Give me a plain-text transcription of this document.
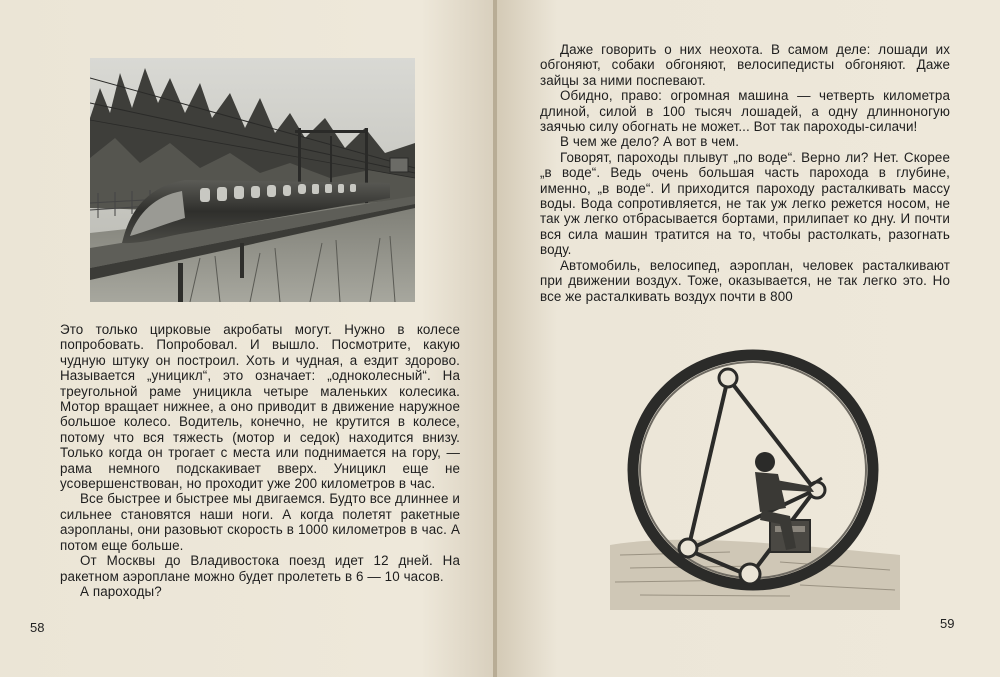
Это только цирковые акробаты могут. Нужно в колесе попробовать. Попробовал. И вышло. Посмотрите, какую чудную штуку он построил. Хоть и чудная, а ездит здорово. Называется „уницикл“, это означает: „одноколесный“. На треугольной раме уницикла четыре маленьких колесика. Мотор вращает нижнее, а оно приводит в движение наружное большое колесо. Водитель, конечно, не крутится в колесе, потому что вся тяжесть (мотор и седок) находится внизу. Только когда он трогает с места или поднимается на гору, — рама немного подскакивает вверх. Уницикл еще не усовершенствован, но проходит уже 200 километров в час.

Все быстрее и быстрее мы двигаемся. Будто все длиннее и сильнее становятся наши ноги. А когда полетят ракетные аэропланы, они разовьют скорость в 1000 километров в час. А потом еще больше.

От Москвы до Владивостока поезд идет 12 дней. На ракетном аэроплане можно будет пролететь в 6 — 10 часов.

А пароходы?

58	59

Даже говорить о них неохота. В самом деле: лошади их обгоняют, собаки обгоняют, велосипедисты обгоняют. Даже зайцы за ними поспевают.

Обидно, право: огромная машина — четверть километра длиной, силой в 100 тысяч лошадей, а одну длинноногую заячью силу обогнать не может... Вот так пароходы-силачи!

В чем же дело? А вот в чем.

Говорят, пароходы плывут „по воде“. Верно ли? Нет. Скорее „в воде“. Ведь очень большая часть парохода в глубине, именно, „в воде“. И приходится пароходу расталкивать массу воды. Вода сопротивляется, не так уж легко режется носом, не так уж легко отбрасывается бортами, прилипает ко дну. И почти вся сила машин тратится на то, чтобы растолкать, разогнать воду.

Автомобиль, велосипед, аэроплан, человек расталкивают при движении воздух. Тоже, оказывается, не так легко это. Но все же расталкивать воздух почти в 800
